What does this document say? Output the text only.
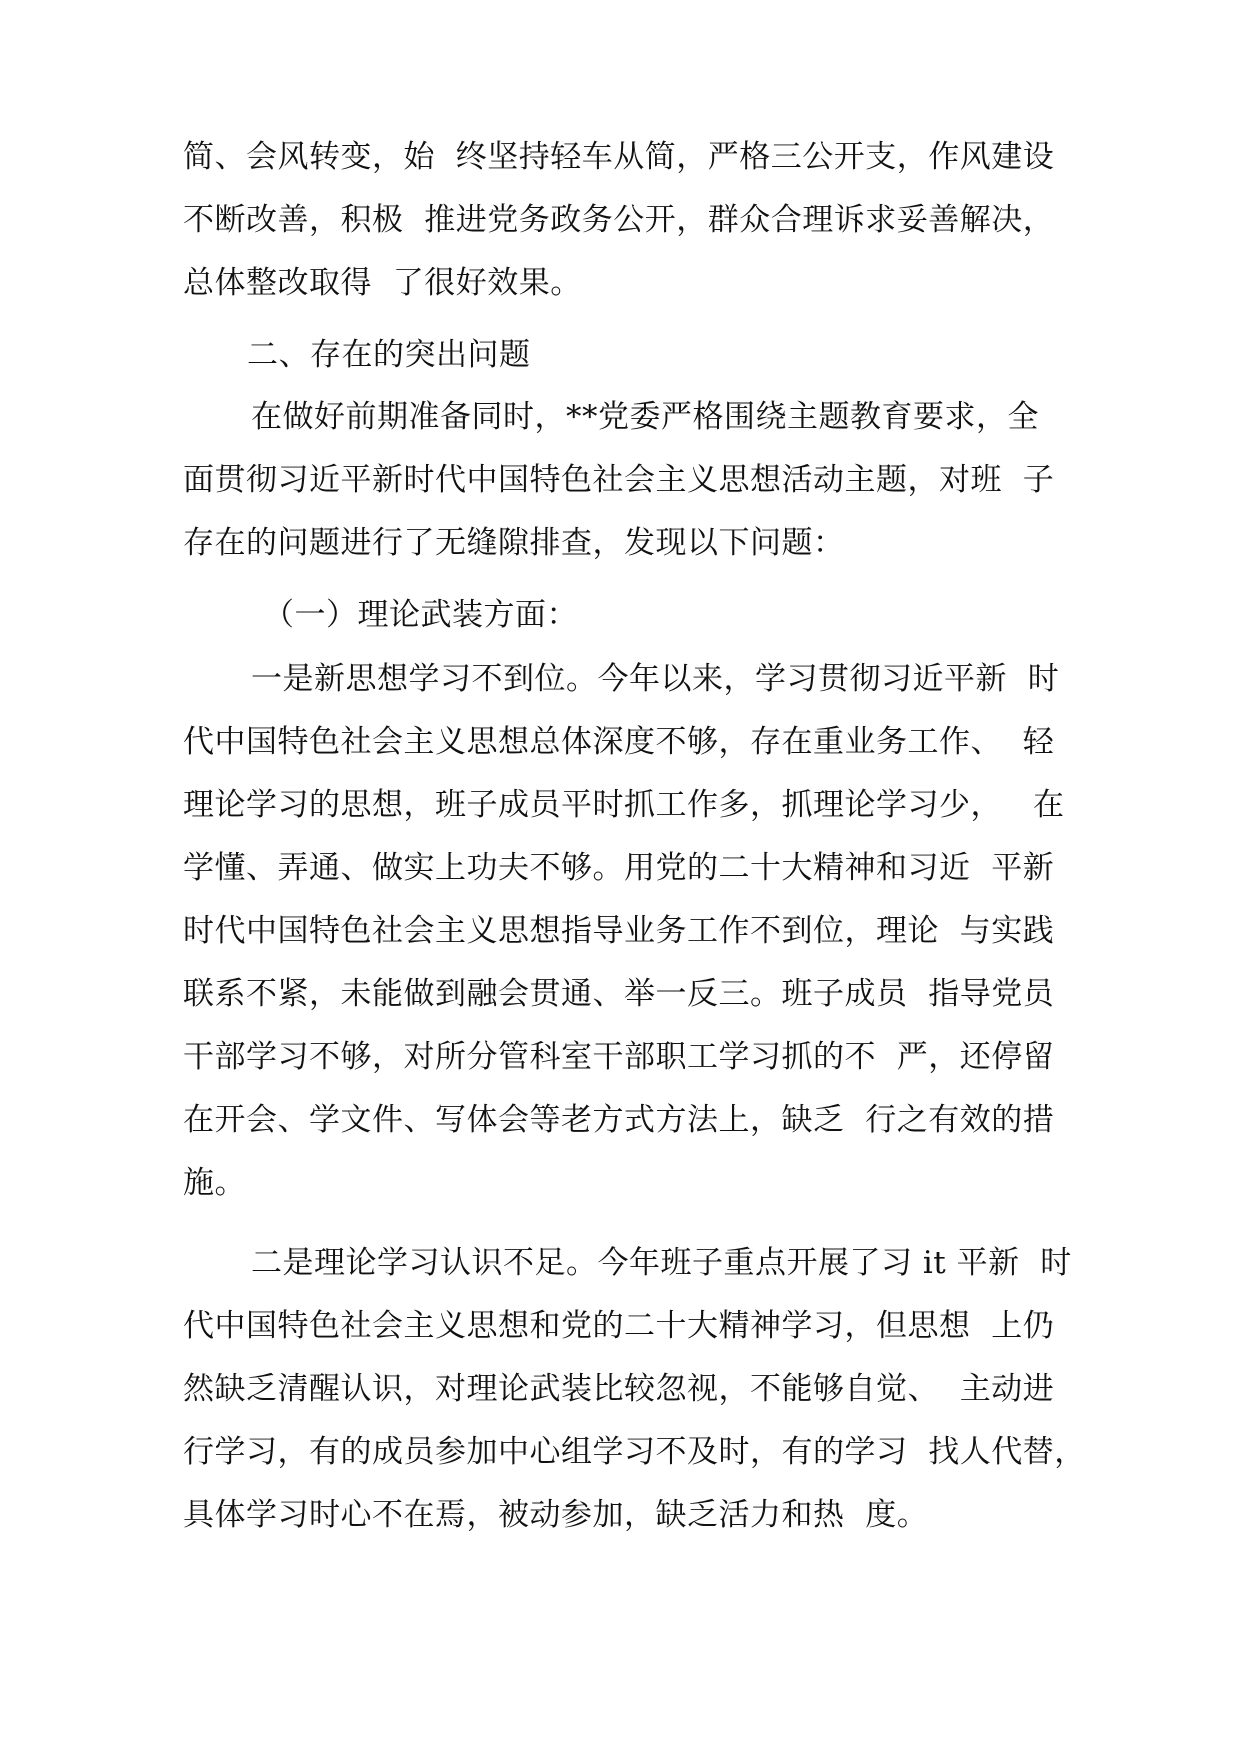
简、会风转变，始  终坚持轻车从简，严格三公开支，作风建设
不断改善，积极  推进党务政务公开，群众合理诉求妥善解决，
总体整改取得  了很好效果。
二、存在的突出问题
在做好前期准备同时，**党委严格围绕主题教育要求，全
面贯彻习近平新时代中国特色社会主义思想活动主题，对班  子
存在的问题进行了无缝隙排查，发现以下问题：
（一）理论武装方面：
一是新思想学习不到位。今年以来，学习贯彻习近平新  时
代中国特色社会主义思想总体深度不够，存在重业务工作、  轻
理论学习的思想，班子成员平时抓工作多，抓理论学习少，   在
学懂、弄通、做实上功夫不够。用党的二十大精神和习近  平新
时代中国特色社会主义思想指导业务工作不到位，理论  与实践
联系不紧，未能做到融会贯通、举一反三。班子成员  指导党员
干部学习不够，对所分管科室干部职工学习抓的不  严，还停留
在开会、学文件、写体会等老方式方法上，缺乏  行之有效的措
施。
二是理论学习认识不足。今年班子重点开展了习 it 平新  时
代中国特色社会主义思想和党的二十大精神学习，但思想  上仍
然缺乏清醒认识，对理论武装比较忽视，不能够自觉、  主动进
行学习，有的成员参加中心组学习不及时，有的学习  找人代替，
具体学习时心不在焉，被动参加，缺乏活力和热  度。
